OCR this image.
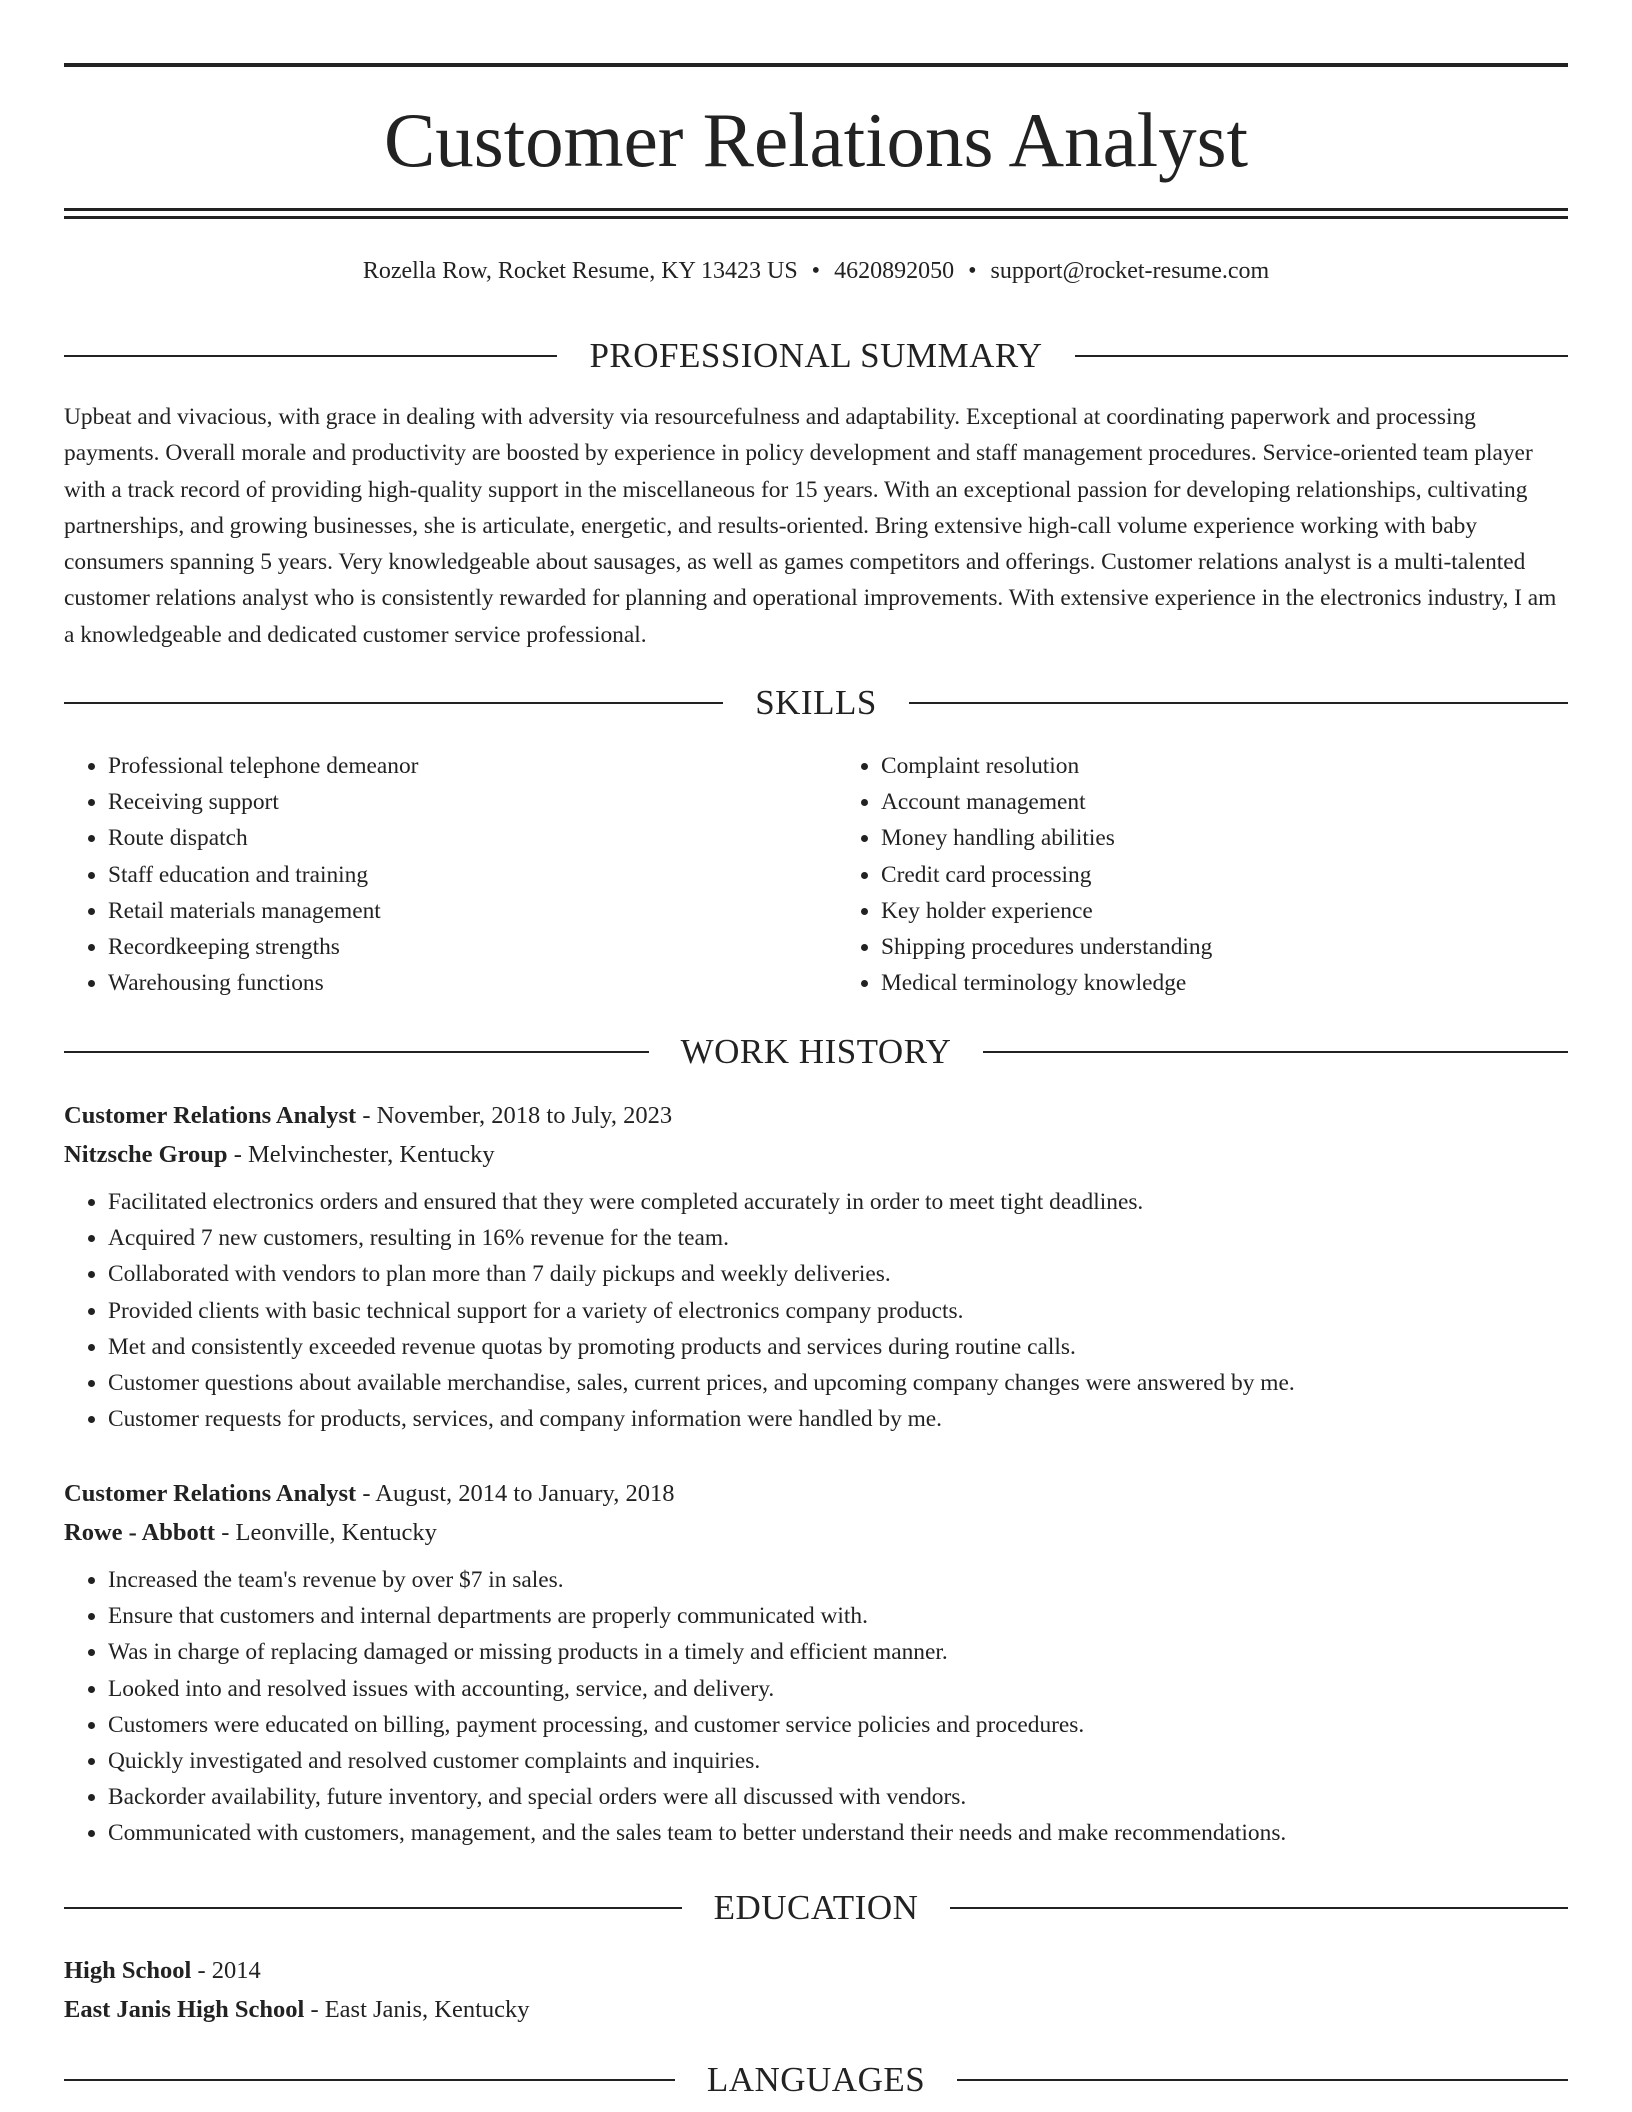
Customer Relations Analyst
Rozella Row, Rocket Resume, KY 13423 US • 4620892050 • support@rocket-resume.com
PROFESSIONAL SUMMARY

Upbeat and vivacious, with grace in dealing with adversity via resourcefulness and adaptability. Exceptional at coordinating paperwork and processing payments. Overall morale and productivity are boosted by experience in policy development and staff management procedures. Service-oriented team player with a track record of providing high-quality support in the miscellaneous for 15 years. With an exceptional passion for developing relationships, cultivating partnerships, and growing businesses, she is articulate, energetic, and results-oriented. Bring extensive high-call volume experience working with baby consumers spanning 5 years. Very knowledgeable about sausages, as well as games competitors and offerings. Customer relations analyst is a multi-talented customer relations analyst who is consistently rewarded for planning and operational improvements. With extensive experience in the electronics industry, I am a knowledgeable and dedicated customer service professional.

SKILLS
• Professional telephone demeanor
• Receiving support
• Route dispatch
• Staff education and training
• Retail materials management
• Recordkeeping strengths
• Warehousing functions
• Complaint resolution
• Account management
• Money handling abilities
• Credit card processing
• Key holder experience
• Shipping procedures understanding
• Medical terminology knowledge
WORK HISTORY
Customer Relations Analyst - November, 2018 to July, 2023
Nitzsche Group - Melvinchester, Kentucky
• Facilitated electronics orders and ensured that they were completed accurately in order to meet tight deadlines.
• Acquired 7 new customers, resulting in 16% revenue for the team.
• Collaborated with vendors to plan more than 7 daily pickups and weekly deliveries.
• Provided clients with basic technical support for a variety of electronics company products.
• Met and consistently exceeded revenue quotas by promoting products and services during routine calls.
• Customer questions about available merchandise, sales, current prices, and upcoming company changes were answered by me.
• Customer requests for products, services, and company information were handled by me.
Customer Relations Analyst - August, 2014 to January, 2018
Rowe - Abbott - Leonville, Kentucky
• Increased the team's revenue by over $7 in sales.
• Ensure that customers and internal departments are properly communicated with.
• Was in charge of replacing damaged or missing products in a timely and efficient manner.
• Looked into and resolved issues with accounting, service, and delivery.
• Customers were educated on billing, payment processing, and customer service policies and procedures.
• Quickly investigated and resolved customer complaints and inquiries.
• Backorder availability, future inventory, and special orders were all discussed with vendors.
• Communicated with customers, management, and the sales team to better understand their needs and make recommendations.
EDUCATION
High School - 2014
East Janis High School - East Janis, Kentucky
LANGUAGES
